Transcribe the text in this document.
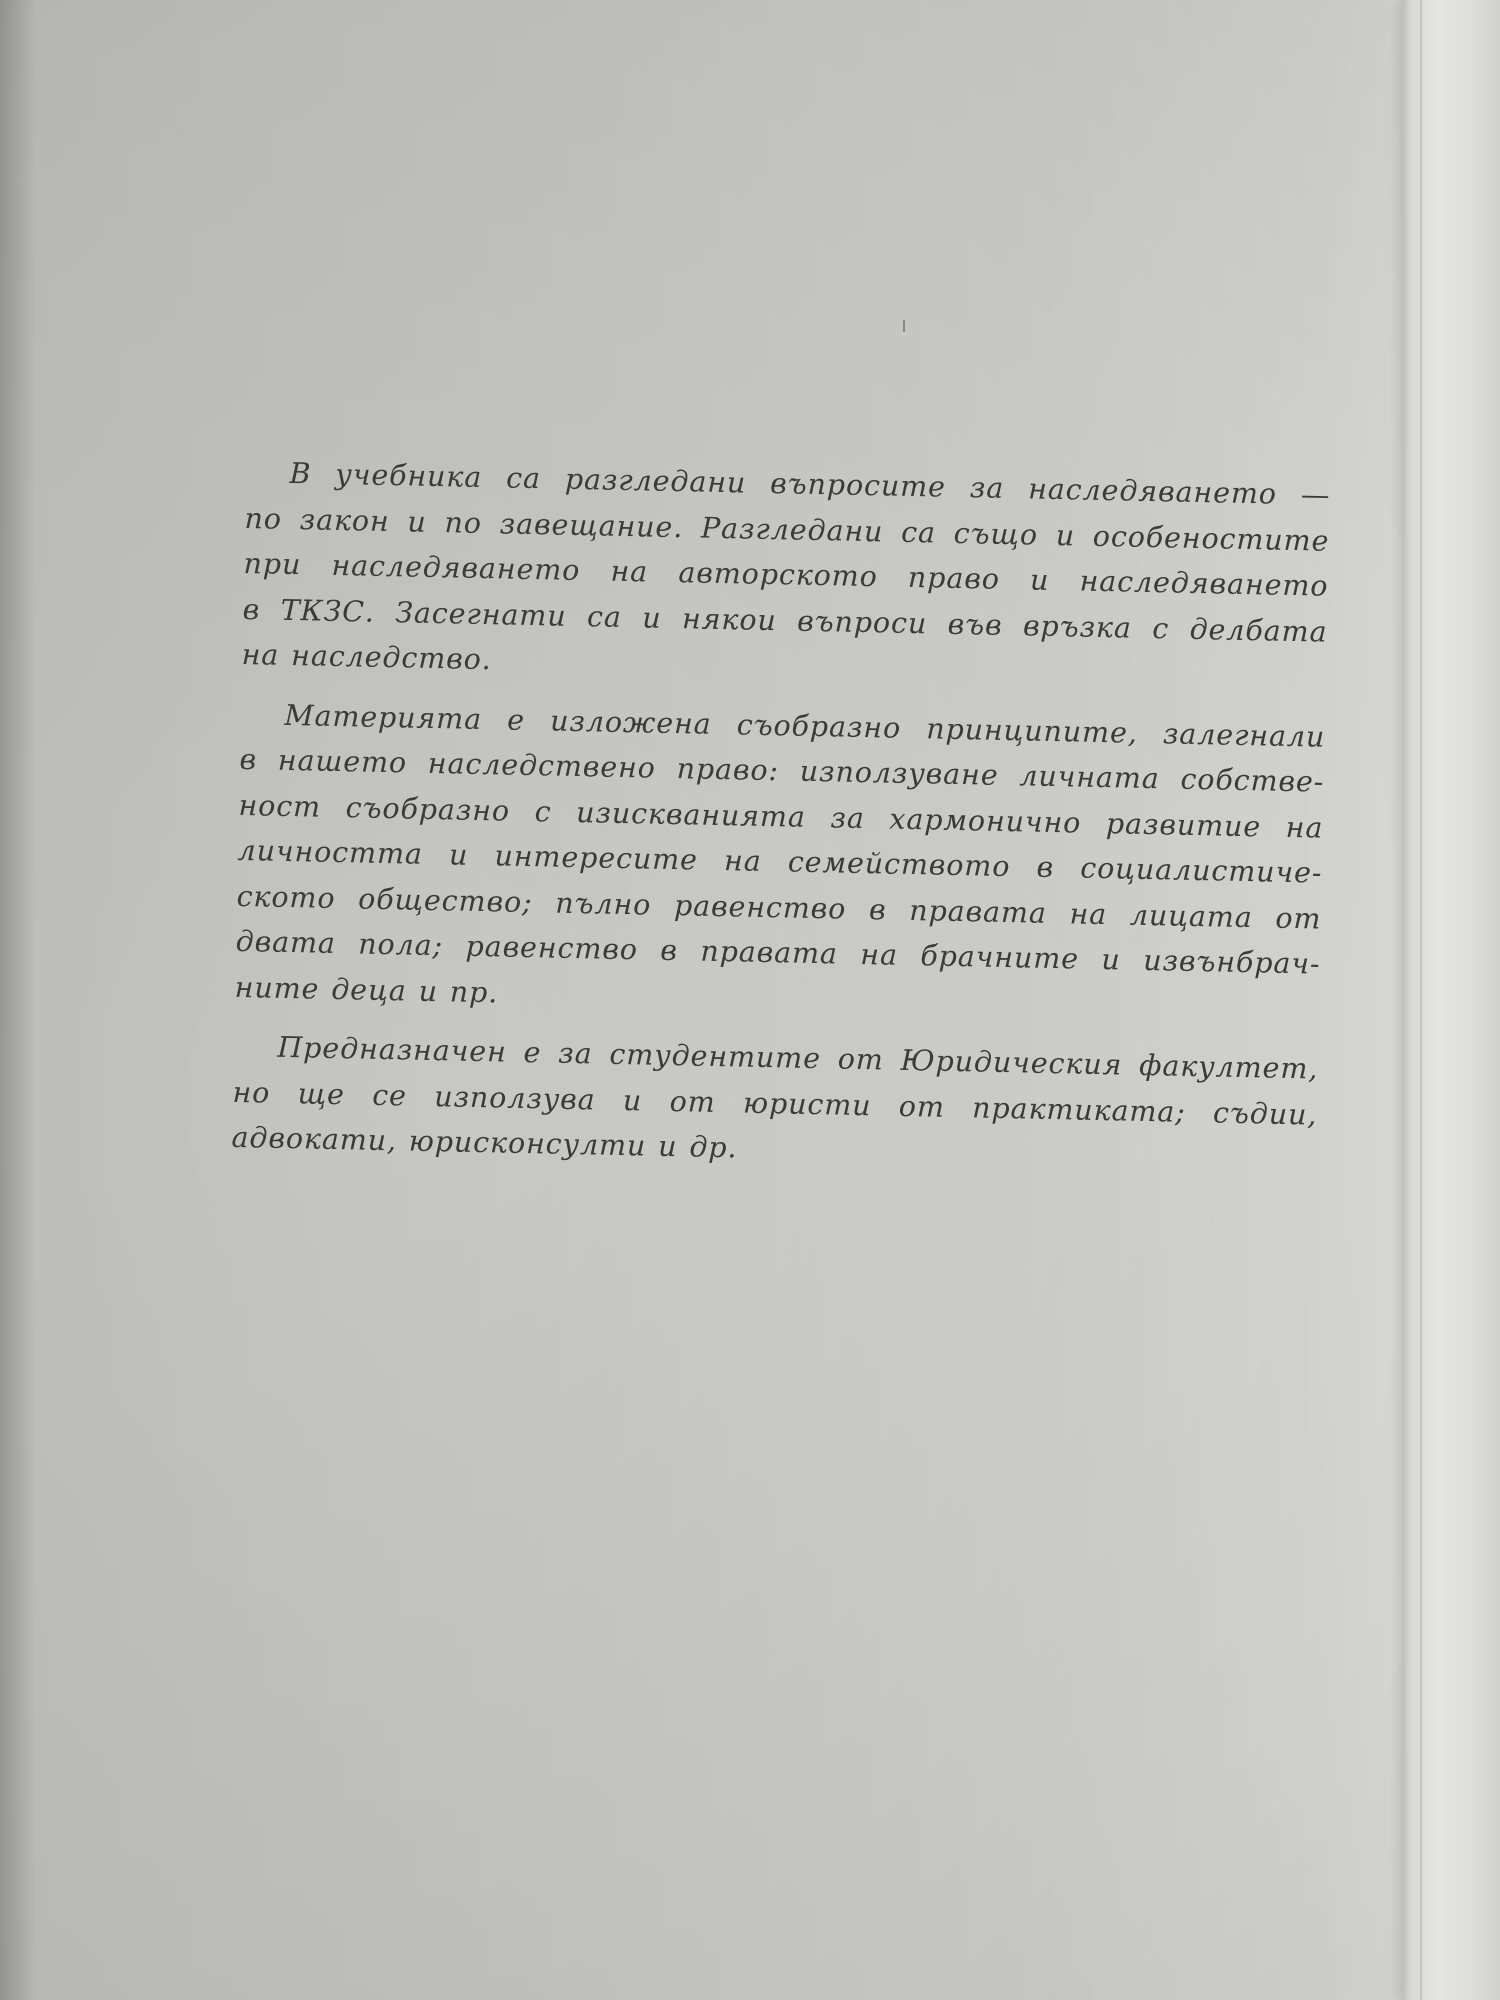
В учебника са разгледани въпросите за наследяването —
по закон и по завещание. Разгледани са също и особеностите
при наследяването на авторското право и наследяването
в ТКЗС. Засегнати са и някои въпроси във връзка с делбата
на наследство.

Материята е изложена съобразно принципите, залегнали
в нашето наследствено право: използуване личната собстве-
ност съобразно с изискванията за хармонично развитие на
личността и интересите на семейството в социалистиче-
ското общество; пълно равенство в правата на лицата от
двата пола; равенство в правата на брачните и извънбрач-
ните деца и пр.

Предназначен е за студентите от Юридическия факултет,
но ще се използува и от юристи от практиката; съдии,
адвокати, юрисконсулти и др.
